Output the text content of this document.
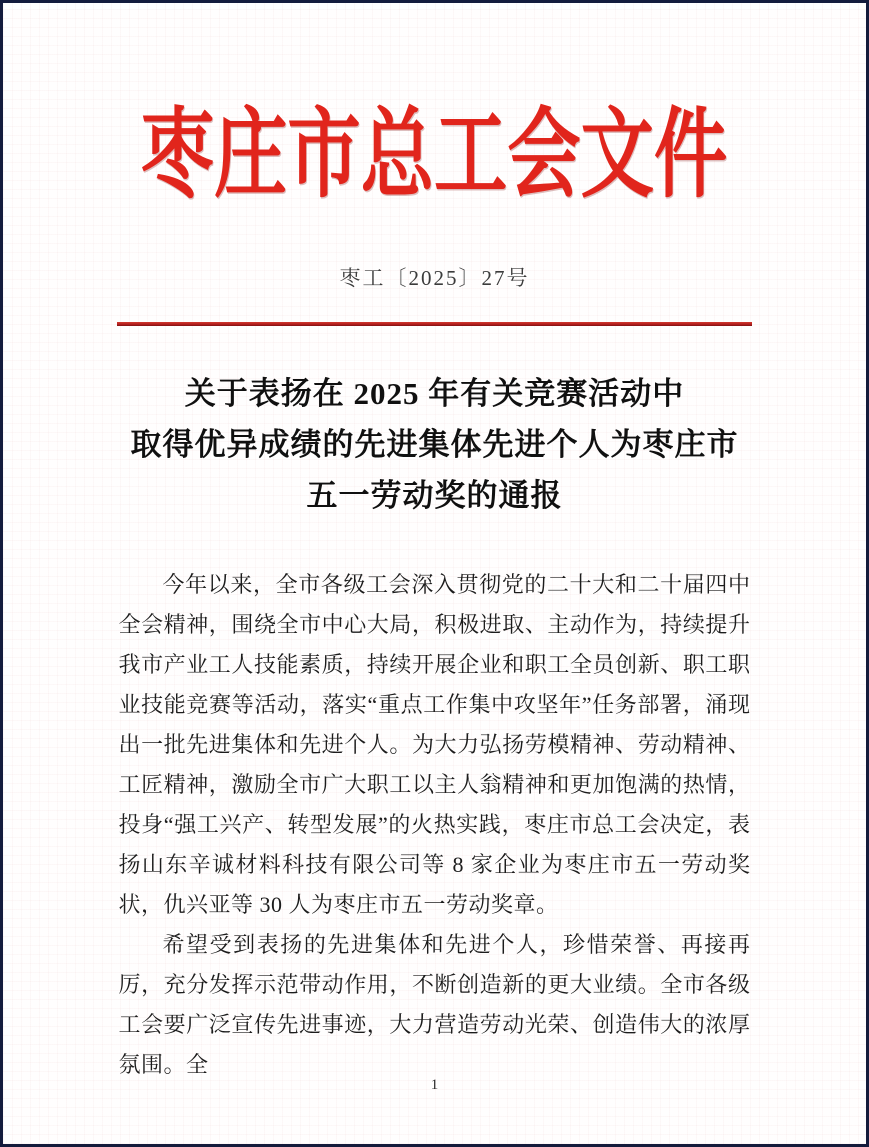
枣庄市总工会文件
枣工〔2025〕27号
关于表扬在 2025 年有关竞赛活动中
取得优异成绩的先进集体先进个人为枣庄市
五一劳动奖的通报

今年以来，全市各级工会深入贯彻党的二十大和二十届四中全会精神，围绕全市中心大局，积极进取、主动作为，持续提升我市产业工人技能素质，持续开展企业和职工全员创新、职工职业技能竞赛等活动，落实“重点工作集中攻坚年”任务部署，涌现出一批先进集体和先进个人。为大力弘扬劳模精神、劳动精神、工匠精神，激励全市广大职工以主人翁精神和更加饱满的热情，投身“强工兴产、转型发展”的火热实践，枣庄市总工会决定，表扬山东辛诚材料科技有限公司等 8 家企业为枣庄市五一劳动奖状，仇兴亚等 30 人为枣庄市五一劳动奖章。

希望受到表扬的先进集体和先进个人，珍惜荣誉、再接再厉，充分发挥示范带动作用，不断创造新的更大业绩。全市各级工会要广泛宣传先进事迹，大力营造劳动光荣、创造伟大的浓厚氛围。全

1
